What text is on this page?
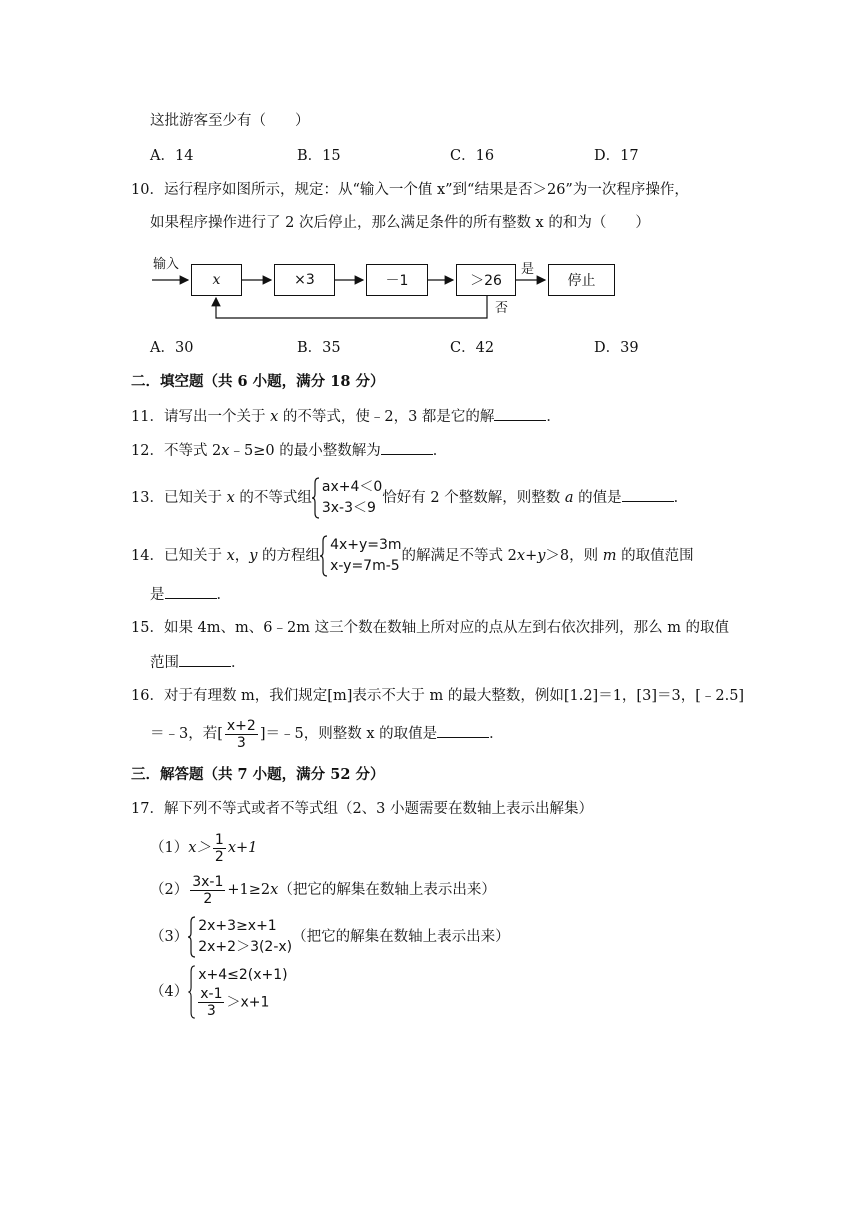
这批游客至少有（　　）
A．14	B．15	C．16	D．17
10．运行程序如图所示，规定：从“输入一个值 x”到“结果是否＞26”为一次程序操作，
如果程序操作进行了 2 次后停止，那么满足条件的所有整数 x 的和为（　　）
输入
x	×3	－1	＞26	停止
是
否
A．30	B．35	C．42	D．39
二．填空题（共 6 小题，满分 18 分）
11．请写出一个关于 x 的不等式，使﹣2，3 都是它的解	．
12．不等式 2x﹣5≥0 的最小整数解为	．
13．已知关于 x 的不等式组
ax+4＜0
3x-3＜9
恰好有 2 个整数解，则整数 a 的值是	．
14．已知关于 x，y 的方程组
4x+y=3m
x-y=7m-5
的解满足不等式 2x+y＞8，则 m 的取值范围
是	．
15．如果 4m、m、6﹣2m 这三个数在数轴上所对应的点从左到右依次排列，那么 m 的取值
范围	．
16．对于有理数 m，我们规定[m]表示不大于 m 的最大整数，例如[1.2]＝1，[3]＝3，[﹣2.5]
＝﹣3，若[ $\frac{x+2}{3}$ ]＝﹣5，则整数 x 的取值是	．
三．解答题（共 7 小题，满分 52 分）
17．解下列不等式或者不等式组（2、3 小题需要在数轴上表示出解集）
$(1)x> \frac{1}{2} x+1$
$(2) \frac{3x-1}{2} +1\ge 2x$（把它的解集在数轴上表示出来）
（3）
2x+3≥x+1
2x+2＞3(2-x)
（把它的解集在数轴上表示出来）
（4）
x+4≤2(x+1)
$\frac{x-1}{3} >x+1$
